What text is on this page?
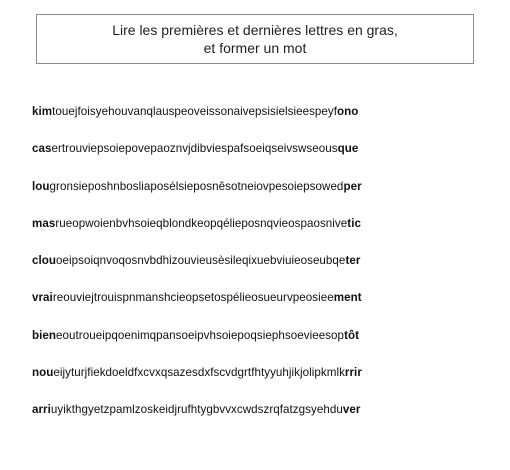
Lire les premières et dernières lettres en gras,
et former un mot
kimtouejfoisyehouvanqlauspeoveissonaivepsisielsieespeyfono
casertrouviepsoiepovepaoznvjdibviespafsoeiqseivswseousque
lougronsieposhnbosliaposélsieposnêsotneiovpesoiepsowedper
masrueopwoienbvhsoieqblondkeopqélieposnqvieospaosnivetic
clouoeipsoiqnvoqosnvbdhizouvieusèsileqixuebviuieoseubqeter
vraireouviejtrouispnmanshcieopsetospélieosueurvpeosieement
bieneoutroueipqoenimqpansoeipvhsoiepoqsiephsoevieesoptôt
noueijyturjfiekdoeldfxcvxqsazesdxfscvdgrtfhtyyuhjikjolipkmlkrrir
arriuyikthgyetzpamlzoskeidjrufhtygbvvxcwdszrqfatzgsyehduver
